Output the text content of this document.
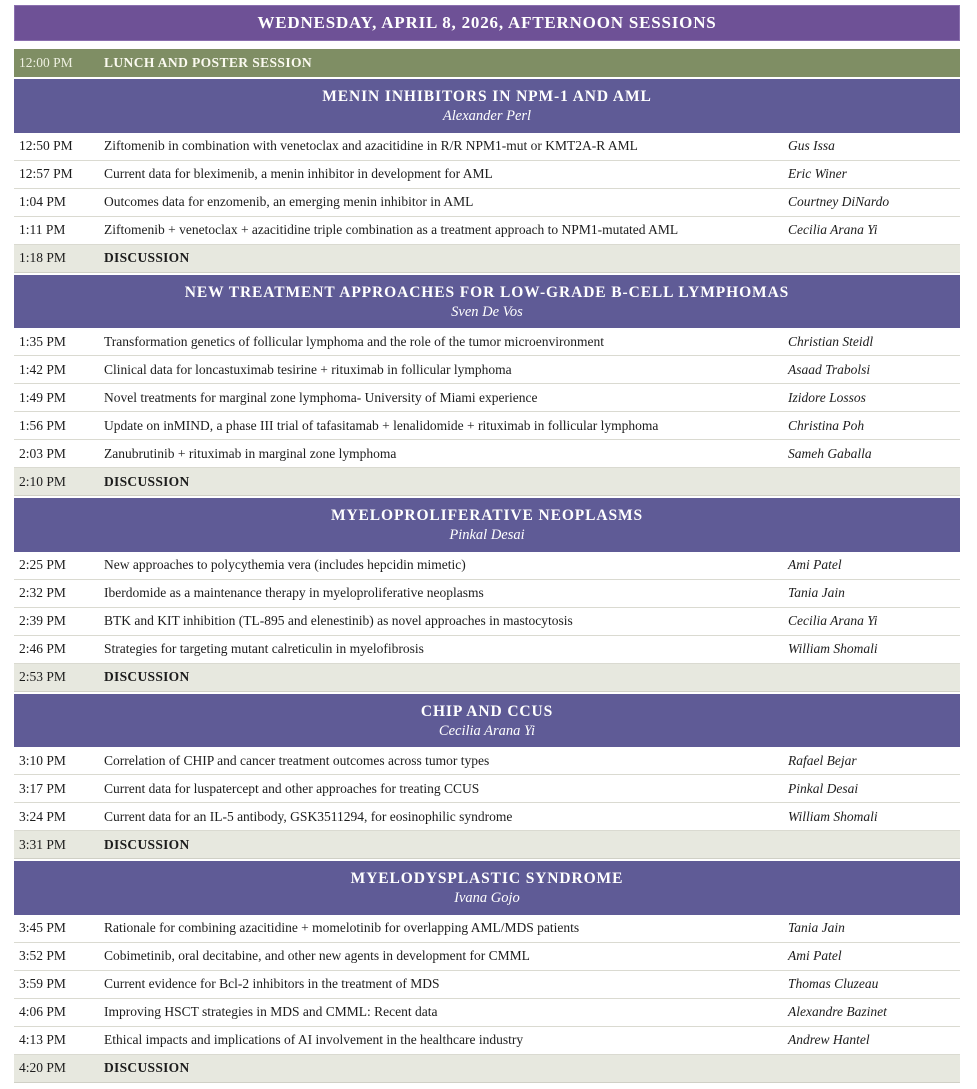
WEDNESDAY, APRIL 8, 2026, AFTERNOON SESSIONS
12:00 PM	LUNCH AND POSTER SESSION
MENIN INHIBITORS IN NPM-1 AND AML
Alexander Perl
12:50 PM	Ziftomenib in combination with venetoclax and azacitidine in R/R NPM1-mut or KMT2A-R AML	Gus Issa
12:57 PM	Current data for bleximenib, a menin inhibitor in development for AML	Eric Winer
1:04 PM	Outcomes data for enzomenib, an emerging menin inhibitor in AML	Courtney DiNardo
1:11 PM	Ziftomenib + venetoclax + azacitidine triple combination as a treatment approach to NPM1-mutated AML	Cecilia Arana Yi
1:18 PM	DISCUSSION
NEW TREATMENT APPROACHES FOR LOW-GRADE B-CELL LYMPHOMAS
Sven De Vos
1:35 PM	Transformation genetics of follicular lymphoma and the role of the tumor microenvironment	Christian Steidl
1:42 PM	Clinical data for loncastuximab tesirine + rituximab in follicular lymphoma	Asaad Trabolsi
1:49 PM	Novel treatments for marginal zone lymphoma- University of Miami experience	Izidore Lossos
1:56 PM	Update on inMIND, a phase III trial of tafasitamab + lenalidomide + rituximab in follicular lymphoma	Christina Poh
2:03 PM	Zanubrutinib + rituximab in marginal zone lymphoma	Sameh Gaballa
2:10 PM	DISCUSSION
MYELOPROLIFERATIVE NEOPLASMS
Pinkal Desai
2:25 PM	New approaches to polycythemia vera (includes hepcidin mimetic)	Ami Patel
2:32 PM	Iberdomide as a maintenance therapy in myeloproliferative neoplasms	Tania Jain
2:39 PM	BTK and KIT inhibition (TL-895 and elenestinib) as novel approaches in mastocytosis	Cecilia Arana Yi
2:46 PM	Strategies for targeting mutant calreticulin in myelofibrosis	William Shomali
2:53 PM	DISCUSSION
CHIP AND CCUS
Cecilia Arana Yi
3:10 PM	Correlation of CHIP and cancer treatment outcomes across tumor types	Rafael Bejar
3:17 PM	Current data for luspatercept and other approaches for treating CCUS	Pinkal Desai
3:24 PM	Current data for an IL-5 antibody, GSK3511294, for eosinophilic syndrome	William Shomali
3:31 PM	DISCUSSION
MYELODYSPLASTIC SYNDROME
Ivana Gojo
3:45 PM	Rationale for combining azacitidine + momelotinib for overlapping AML/MDS patients	Tania Jain
3:52 PM	Cobimetinib, oral decitabine, and other new agents in development for CMML	Ami Patel
3:59 PM	Current evidence for Bcl-2 inhibitors in the treatment of MDS	Thomas Cluzeau
4:06 PM	Improving HSCT strategies in MDS and CMML: Recent data	Alexandre Bazinet
4:13 PM	Ethical impacts and implications of AI involvement in the healthcare industry	Andrew Hantel
4:20 PM	DISCUSSION
